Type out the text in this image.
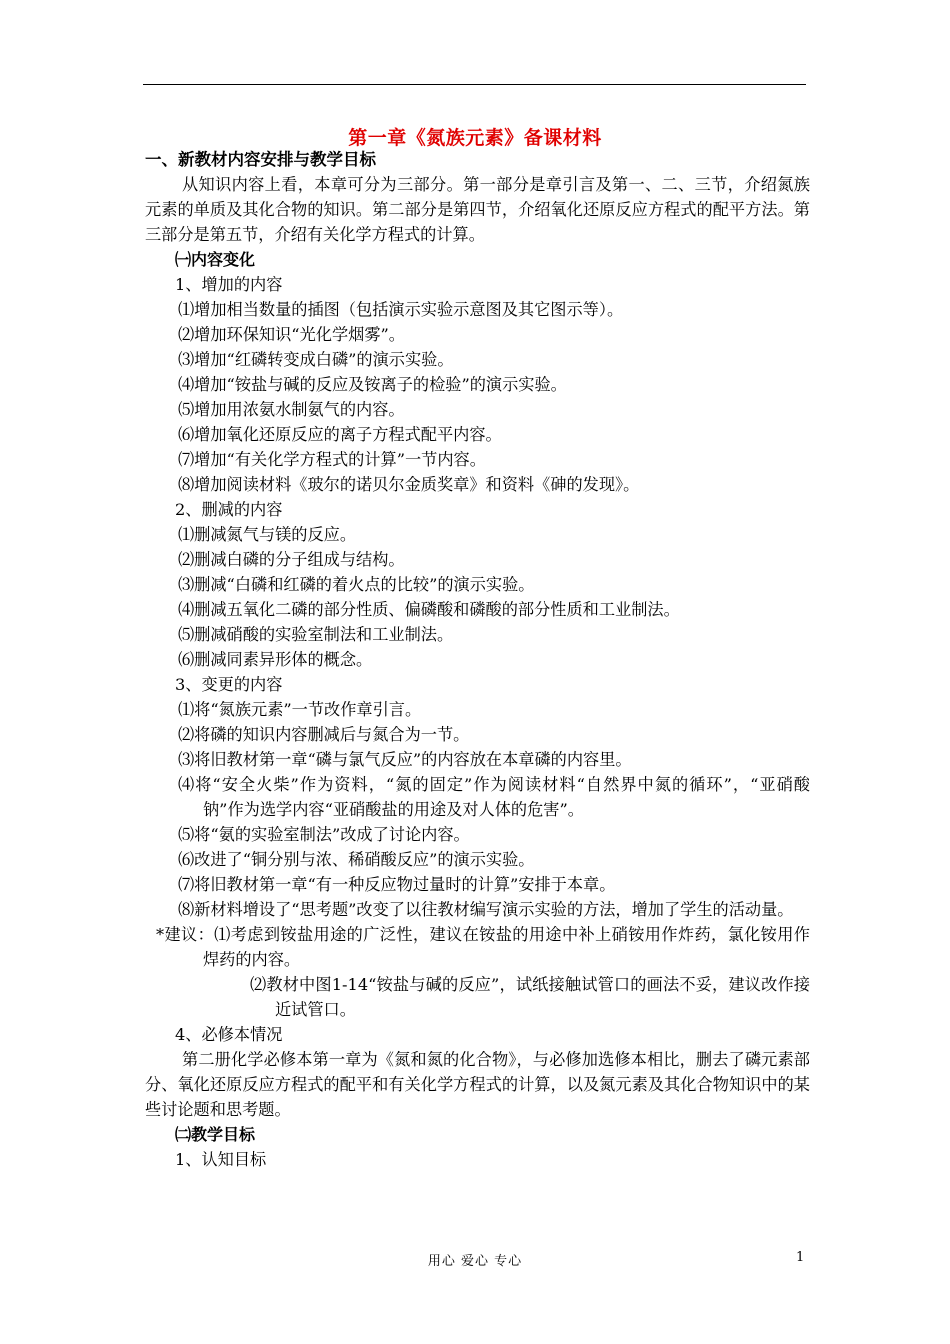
第一章《氮族元素》备课材料

一、新教材内容安排与教学目标

从知识内容上看，本章可分为三部分。第一部分是章引言及第一、二、三节，介绍氮族元素的单质及其化合物的知识。第二部分是第四节，介绍氧化还原反应方程式的配平方法。第三部分是第五节，介绍有关化学方程式的计算。

㈠内容变化

1、增加的内容

⑴增加相当数量的插图（包括演示实验示意图及其它图示等）。

⑵增加环保知识“光化学烟雾”。

⑶增加“红磷转变成白磷”的演示实验。

⑷增加“铵盐与碱的反应及铵离子的检验”的演示实验。

⑸增加用浓氨水制氨气的内容。

⑹增加氧化还原反应的离子方程式配平内容。

⑺增加“有关化学方程式的计算”一节内容。

⑻增加阅读材料《玻尔的诺贝尔金质奖章》和资料《砷的发现》。

2、删减的内容

⑴删减氮气与镁的反应。

⑵删减白磷的分子组成与结构。

⑶删减“白磷和红磷的着火点的比较”的演示实验。

⑷删减五氧化二磷的部分性质、偏磷酸和磷酸的部分性质和工业制法。

⑸删减硝酸的实验室制法和工业制法。

⑹删减同素异形体的概念。

3、变更的内容

⑴将“氮族元素”一节改作章引言。

⑵将磷的知识内容删减后与氮合为一节。

⑶将旧教材第一章“磷与氯气反应”的内容放在本章磷的内容里。

⑷将“安全火柴”作为资料，“氮的固定”作为阅读材料“自然界中氮的循环”，“亚硝酸钠”作为选学内容“亚硝酸盐的用途及对人体的危害”。

⑸将“氨的实验室制法”改成了讨论内容。

⑹改进了“铜分别与浓、稀硝酸反应”的演示实验。

⑺将旧教材第一章“有一种反应物过量时的计算”安排于本章。

⑻新材料增设了“思考题”改变了以往教材编写演示实验的方法，增加了学生的活动量。

*建议：⑴考虑到铵盐用途的广泛性，建议在铵盐的用途中补上硝铵用作炸药，氯化铵用作焊药的内容。

⑵教材中图1-14“铵盐与碱的反应”，试纸接触试管口的画法不妥，建议改作接近试管口。

4、必修本情况

第二册化学必修本第一章为《氮和氮的化合物》，与必修加选修本相比，删去了磷元素部分、氧化还原反应方程式的配平和有关化学方程式的计算，以及氮元素及其化合物知识中的某些讨论题和思考题。

㈡教学目标

1、认知目标

用心 爱心 专心	1
